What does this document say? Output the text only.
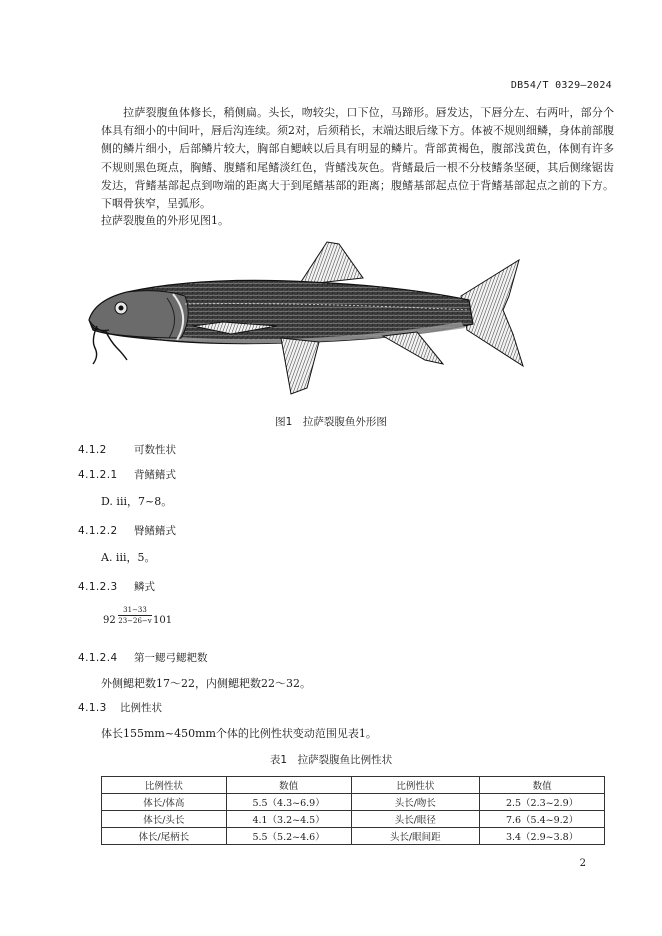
DB54/T 0329—2024
拉萨裂腹鱼体修长，稍侧扁。头长，吻较尖，口下位，马蹄形。唇发达，下唇分左、右两叶，部分个体具有细小的中间叶，唇后沟连续。须2对，后须稍长，末端达眼后缘下方。体被不规则细鳞，身体前部腹侧的鳞片细小，后部鳞片较大，胸部自鳃峡以后具有明显的鳞片。背部黄褐色，腹部浅黄色，体侧有许多不规则黑色斑点，胸鳍、腹鳍和尾鳍淡红色，背鳍浅灰色。背鳍最后一根不分枝鳍条坚硬，其后侧缘锯齿发达，背鳍基部起点到吻端的距离大于到尾鳍基部的距离；腹鳍基部起点位于背鳍基部起点之前的下方。下咽骨狭窄，呈弧形。
拉萨裂腹鱼的外形见图1。
图1　拉萨裂腹鱼外形图
4.1.2	可数性状
4.1.2.1 背鳍鳍式
D. iii，7~8。
4.1.2.2 臀鳍鳍式
A. iii，5。
4.1.2.3 鳞式
92
31−33
23−26−v 101
4.1.2.4 第一鳃弓鳃耙数
外侧鳃耙数17～22，内侧鳃耙数22～32。
4.1.3 比例性状
体长155mm~450mm个体的比例性状变动范围见表1。
表1　拉萨裂腹鱼比例性状
比例性状	数值	比例性状	数值
体长/体高	5.5（4.3~6.9）	头长/吻长	2.5（2.3~2.9）
体长/头长	4.1（3.2~4.5）	头长/眼径	7.6（5.4~9.2）
体长/尾柄长	5.5（5.2~4.6）	头长/眼间距	3.4（2.9~3.8）
2
